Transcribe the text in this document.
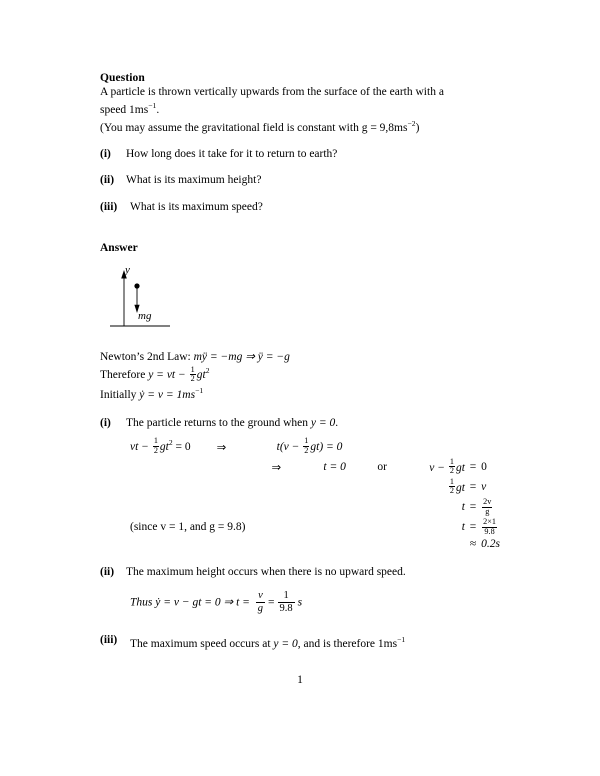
Question
A particle is thrown vertically upwards from the surface of the earth with a
speed $1ms^{-1}$.
(You may assume the gravitational field is constant with $g = 9,8ms^{-2}$)
(i)	How long does it take for it to return to earth?
(ii)	What is its maximum height?
(iii)	What is its maximum speed?
Answer
y
mg
Newton’s 2nd Law: mÿ = −mg ⇒ ÿ = −g
Therefore y = vt − $\frac{1}{2} gt^2$
Initially ẏ = $v = 1ms^{-1}$
(i)	The particle returns to the ground when y = 0.
vt − $\frac{1}{2} gt^2 = 0$	⇒	$t(v - \frac{1}{2} gt) = 0$
	⇒	t = 0	or	$v - \frac{1}{2}$ gt	=	0

				$\frac{1}{2}$ gt	=	v
				t	=	$\frac{2v}{g}$

(since v = 1, and g = 9.8)				t	=	$\frac{2\times 1}{9.8}$

					≈	0.2s
(ii)	The maximum height occurs when there is no upward speed.
Thus ẏ = v − gt = 0 ⇒ $t = \frac{v}{g} = \frac{1}{9.8}$ s
(iii)	The maximum speed occurs at y = 0, and is therefore $1ms^{-1}$
1
